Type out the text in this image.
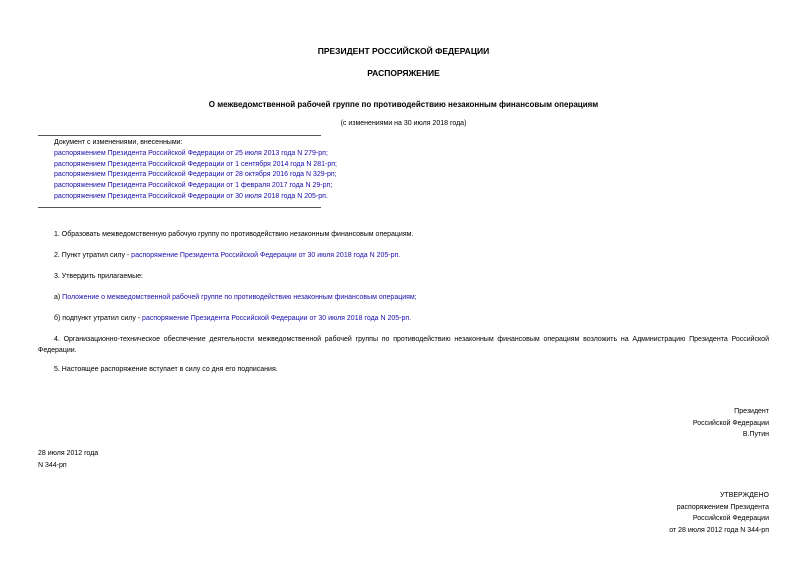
ПРЕЗИДЕНТ РОССИЙСКОЙ ФЕДЕРАЦИИ
РАСПОРЯЖЕНИЕ
О межведомственной рабочей группе по противодействию незаконным финансовым операциям
(с изменениями на 30 июля 2018 года)
Документ с изменениями, внесенными:
распоряжением Президента Российской Федерации от 25 июля 2013 года N 279-рп;
распоряжением Президента Российской Федерации от 1 сентября 2014 года N 281-рп;
распоряжением Президента Российской Федерации от 28 октября 2016 года N 329-рп;
распоряжением Президента Российской Федерации от 1 февраля 2017 года N 29-рп;
распоряжением Президента Российской Федерации от 30 июля 2018 года N 205-рп.
1. Образовать межведомственную рабочую группу по противодействию незаконным финансовым операциям.
2. Пункт утратил силу - распоряжение Президента Российской Федерации от 30 июля 2018 года N 205-рп.
3. Утвердить прилагаемые:
а) Положение о межведомственной рабочей группе по противодействию незаконным финансовым операциям;
б) подпункт утратил силу - распоряжение Президента Российской Федерации от 30 июля 2018 года N 205-рп.
4. Организационно-техническое обеспечение деятельности межведомственной рабочей группы по противодействию незаконным финансовым операциям возложить на Администрацию Президента Российской Федерации.
5. Настоящее распоряжение вступает в силу со дня его подписания.
Президент
Российской Федерации
В.Путин
28 июля 2012 года
N 344-рп
УТВЕРЖДЕНО
распоряжением Президента
Российской Федерации
от 28 июля 2012 года N 344-рп
